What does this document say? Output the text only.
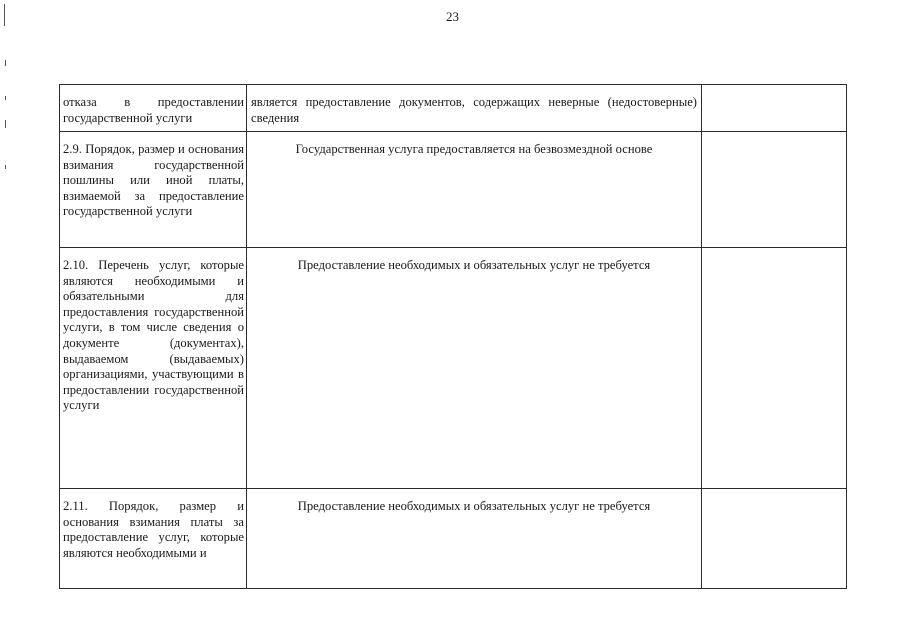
23
отказа в предоставлении государственной услуги	является предоставление документов, содержащих неверные (недостоверные) сведения	

2.9. Порядок, размер и основания взимания государственной пошлины или иной платы, взимаемой за предоставление государственной услуги	Государственная услуга предоставляется на безвозмездной основе	

2.10. Перечень услуг, которые являются необходимыми и обязательными для предоставления государственной услуги, в том числе сведения о документе (документах), выдаваемом (выдаваемых) организациями, участвующими в предоставлении государственной услуги	Предоставление необходимых и обязательных услуг не требуется	

2.11. Порядок, размер и основания взимания платы за предоставление услуг, которые являются необходимыми и	Предоставление необходимых и обязательных услуг не требуется	
